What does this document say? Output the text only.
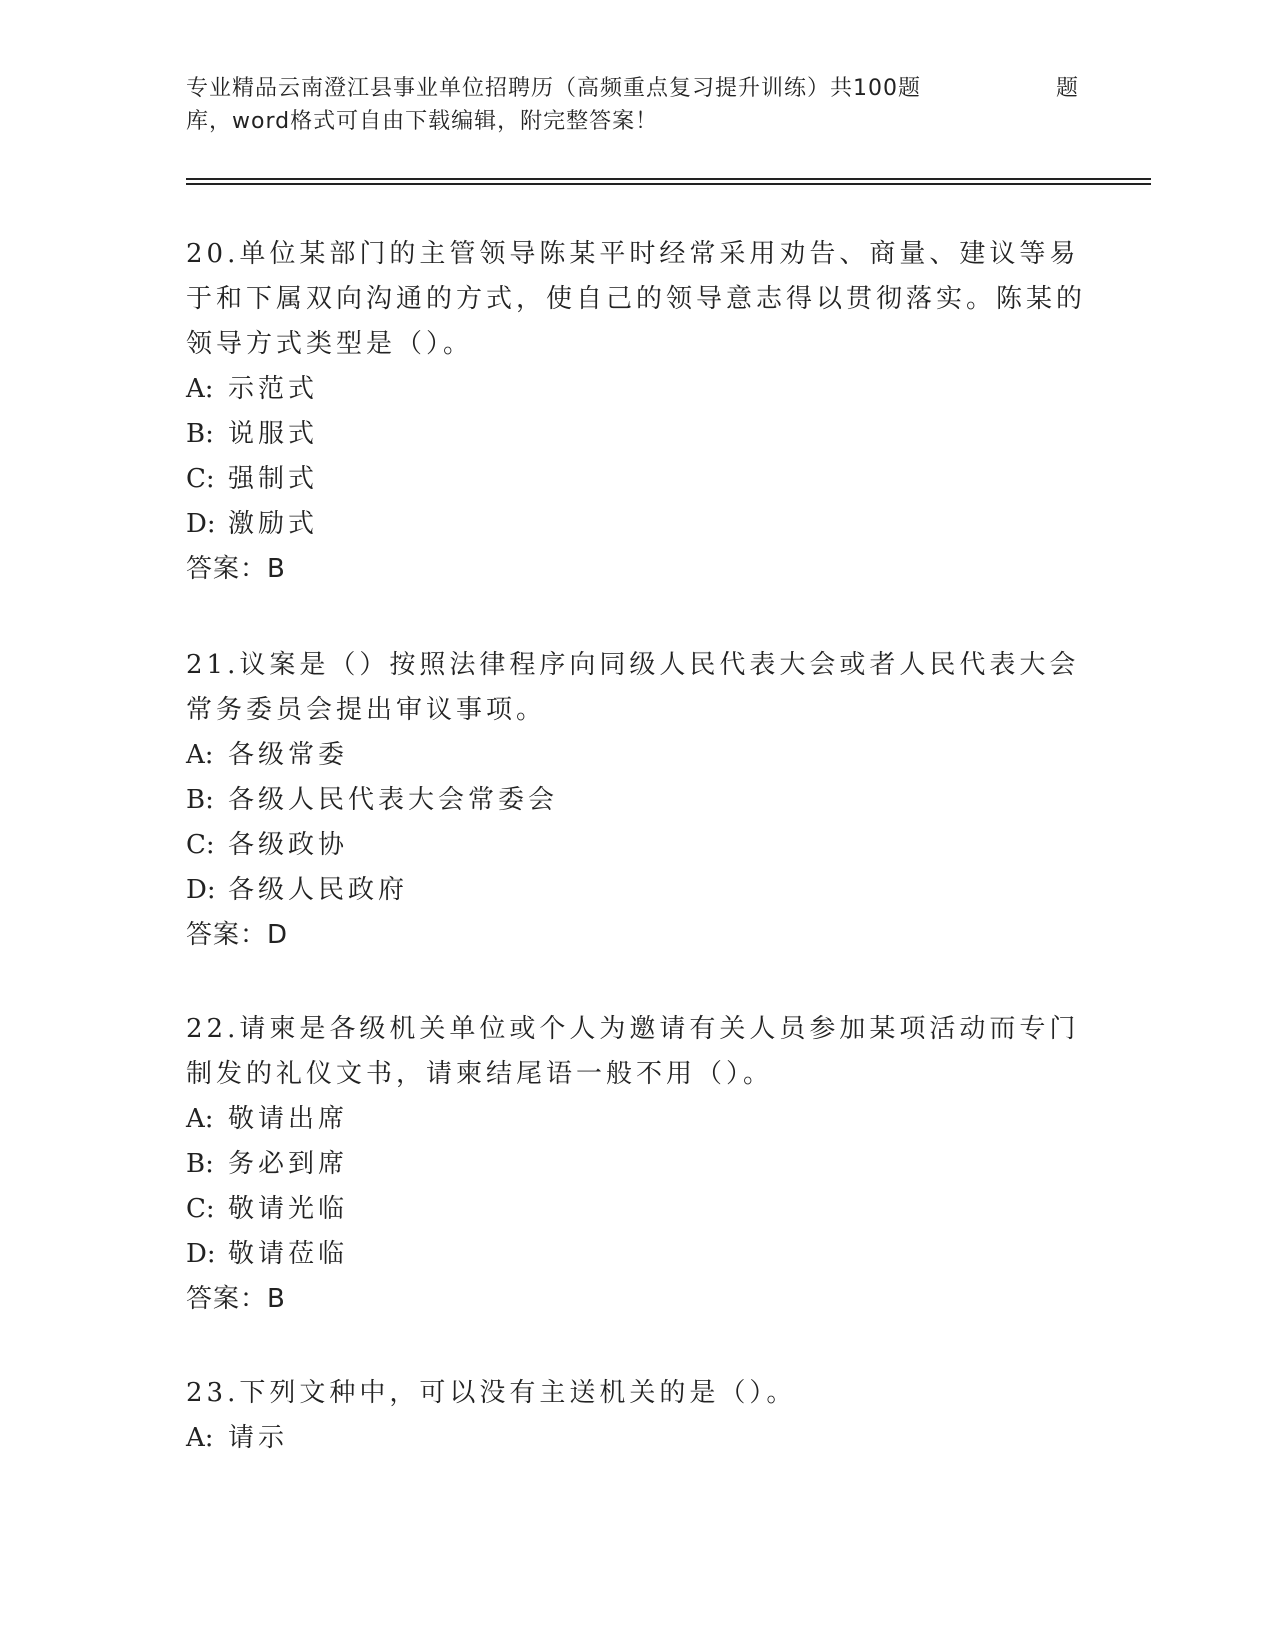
专业精品云南澄江县事业单位招聘历（高频重点复习提升训练）共100题	题
库，word格式可自由下载编辑，附完整答案！

20.单位某部门的主管领导陈某平时经常采用劝告、商量、建议等易于和下属双向沟通的方式，使自己的领导意志得以贯彻落实。陈某的领导方式类型是（）。

A: 示范式

B: 说服式

C: 强制式

D: 激励式

答案：B

21.议案是（）按照法律程序向同级人民代表大会或者人民代表大会常务委员会提出审议事项。

A: 各级常委

B: 各级人民代表大会常委会

C: 各级政协

D: 各级人民政府

答案：D

22.请柬是各级机关单位或个人为邀请有关人员参加某项活动而专门制发的礼仪文书，请柬结尾语一般不用（）。

A: 敬请出席

B: 务必到席

C: 敬请光临

D: 敬请莅临

答案：B

23.下列文种中，可以没有主送机关的是（）。

A: 请示
